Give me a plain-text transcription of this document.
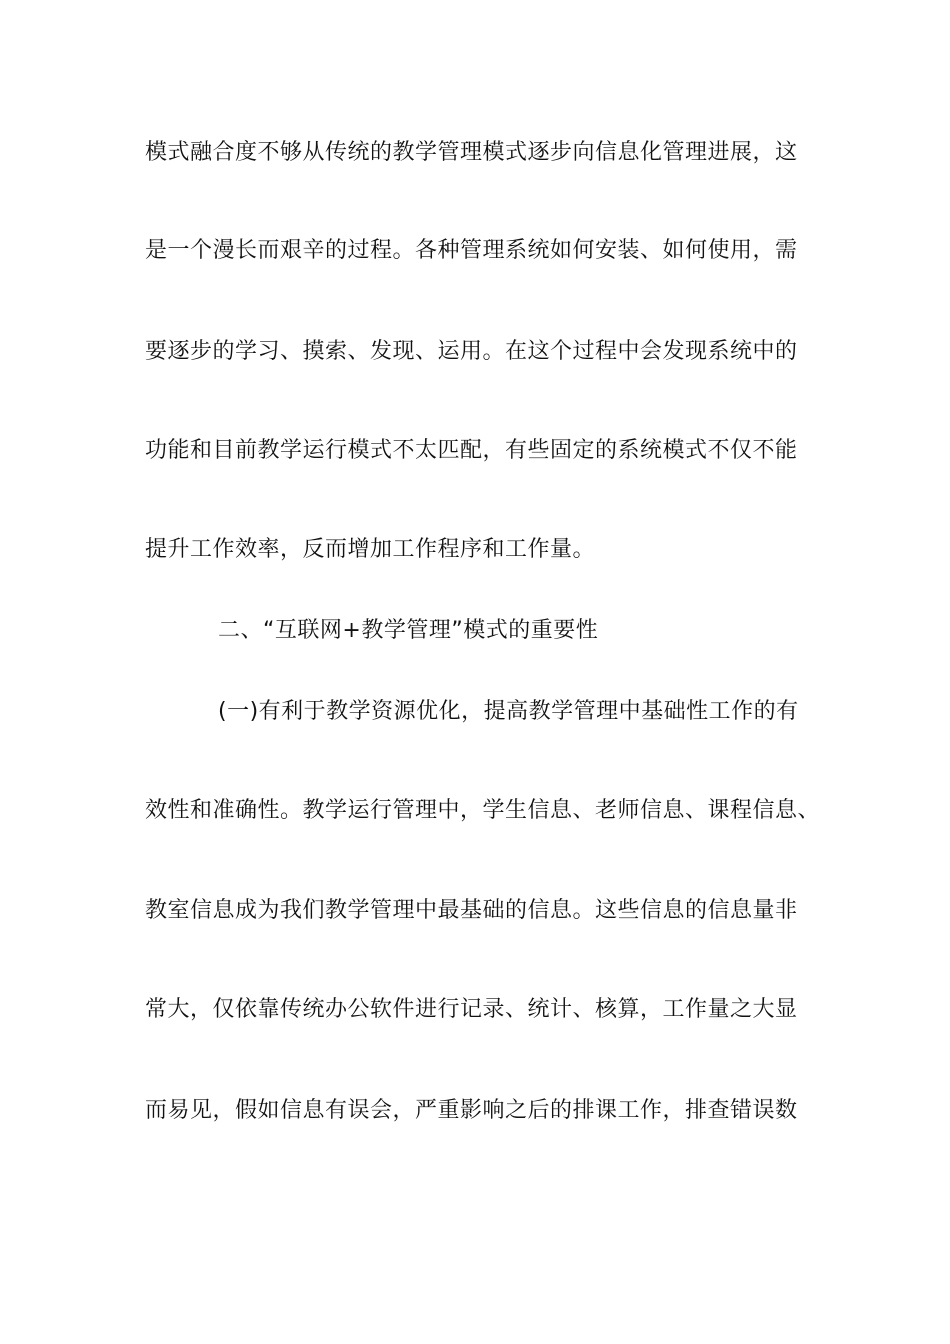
模式融合度不够从传统的教学管理模式逐步向信息化管理进展，这
是一个漫长而艰辛的过程。各种管理系统如何安装、如何使用，需
要逐步的学习、摸索、发现、运用。在这个过程中会发现系统中的
功能和目前教学运行模式不太匹配，有些固定的系统模式不仅不能
提升工作效率，反而增加工作程序和工作量。
二、“互联网+教学管理”模式的重要性
(一)有利于教学资源优化，提高教学管理中基础性工作的有
效性和准确性。教学运行管理中，学生信息、老师信息、课程信息、
教室信息成为我们教学管理中最基础的信息。这些信息的信息量非
常大，仅依靠传统办公软件进行记录、统计、核算，工作量之大显
而易见，假如信息有误会，严重影响之后的排课工作，排查错误数
